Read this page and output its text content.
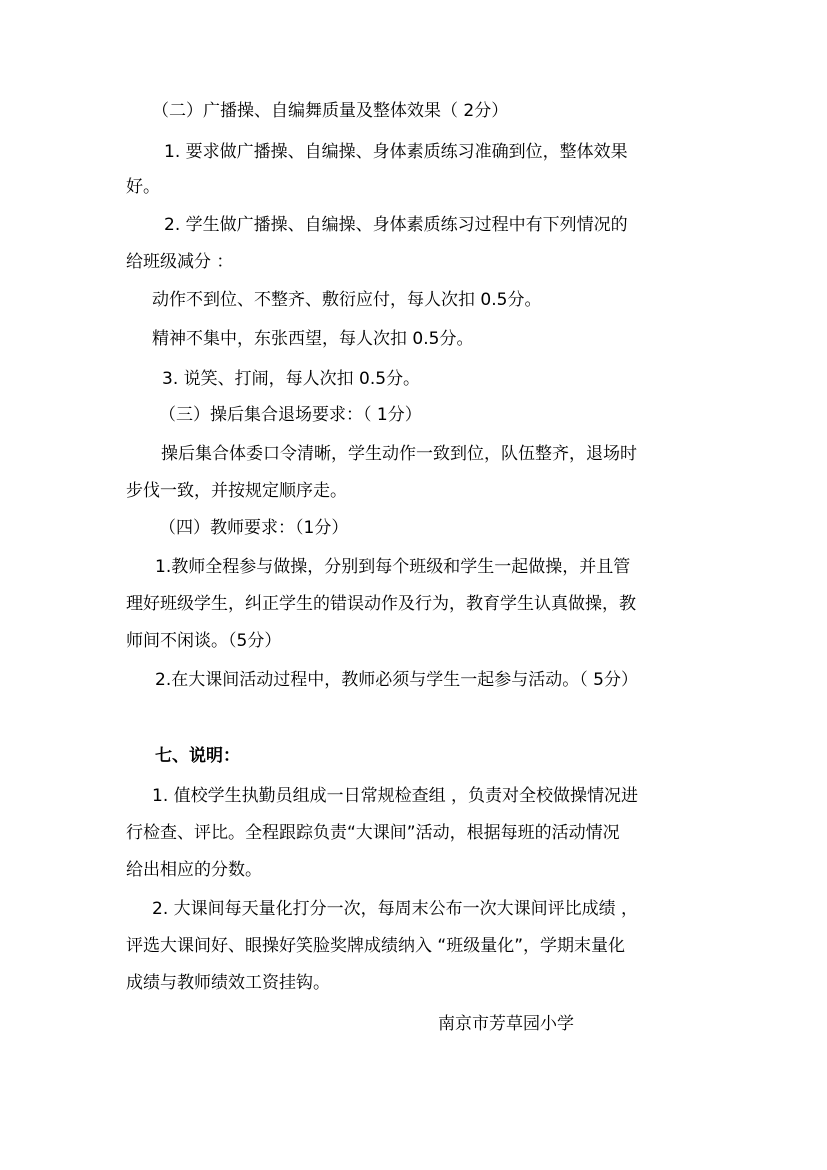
（二）广播操、自编舞质量及整体效果（ 2分）
1. 要求做广播操、自编操、身体素质练习准确到位，整体效果
好。
2. 学生做广播操、自编操、身体素质练习过程中有下列情况的
给班级减分 ：
动作不到位、不整齐、敷衍应付，每人次扣 0.5分。
精神不集中，东张西望，每人次扣 0.5分。
3. 说笑、打闹，每人次扣 0.5分。
（三）操后集合退场要求：（ 1分）
操后集合体委口令清晰，学生动作一致到位，队伍整齐，退场时
步伐一致，并按规定顺序走。
（四）教师要求：（1分）
1.教师全程参与做操，分别到每个班级和学生一起做操，并且管
理好班级学生，纠正学生的错误动作及行为，教育学生认真做操，教
师间不闲谈。（5分）
2.在大课间活动过程中，教师必须与学生一起参与活动。（ 5分）
七、说明：
1. 值校学生执勤员组成一日常规检查组 ，负责对全校做操情况进
行检查、评比。全程跟踪负责“大课间”活动，根据每班的活动情况
给出相应的分数。
2. 大课间每天量化打分一次，每周末公布一次大课间评比成绩 ，
评选大课间好、眼操好笑脸奖牌成绩纳入 “班级量化”，学期末量化
成绩与教师绩效工资挂钩。
南京市芳草园小学
